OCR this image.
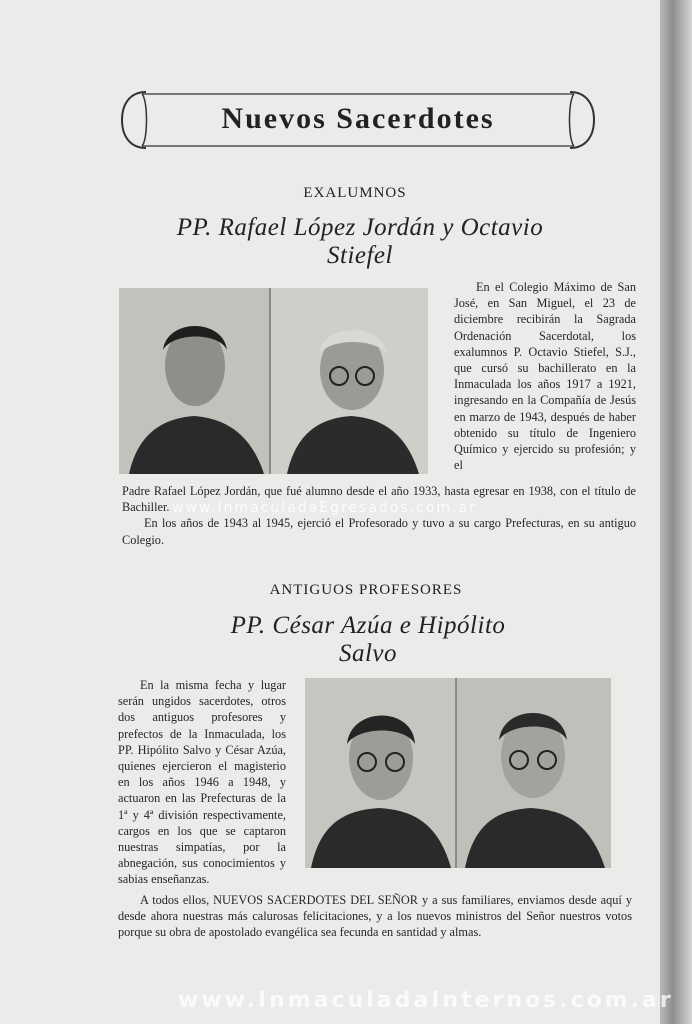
Nuevos Sacerdotes
EXALUMNOS
PP. Rafael López Jordán y Octavio Stiefel

En el Colegio Máximo de San José, en San Miguel, el 23 de diciembre recibirán la Sagrada Ordenación Sacerdotal, los exalumnos P. Octavio Stiefel, S.J., que cursó su bachillerato en la Inmaculada los años 1917 a 1921, ingresando en la Compañía de Jesús en marzo de 1943, después de haber obtenido su título de Ingeniero Químico y ejercido su profesión; y el

Padre Rafael López Jordán, que fué alumno desde el año 1933, hasta egresar en 1938, con el título de Bachiller.

En los años de 1943 al 1945, ejerció el Profesorado y tuvo a su cargo Prefecturas, en su antiguo Colegio.

ANTIGUOS PROFESORES
PP. César Azúa e Hipólito Salvo

En la misma fecha y lugar serán ungidos sacerdotes, otros dos antiguos profesores y prefectos de la Inmaculada, los PP. Hipólito Salvo y César Azúa, quienes ejercieron el magisterio en los años 1946 a 1948, y actuaron en las Prefecturas de la 1ª y 4ª división respectivamente, cargos en los que se captaron nuestras simpatías, por la abnegación, sus conocimientos y sabias enseñanzas.

A todos ellos, NUEVOS SACERDOTES DEL SEÑOR y a sus familiares, enviamos desde aquí y desde ahora nuestras más calurosas felicitaciones, y a los nuevos ministros del Señor nuestros votos porque su obra de apostolado evangélica sea fecunda en santidad y almas.

www.InmaculadaEgresados.com.ar
www.InmaculadaInternos.com.ar
